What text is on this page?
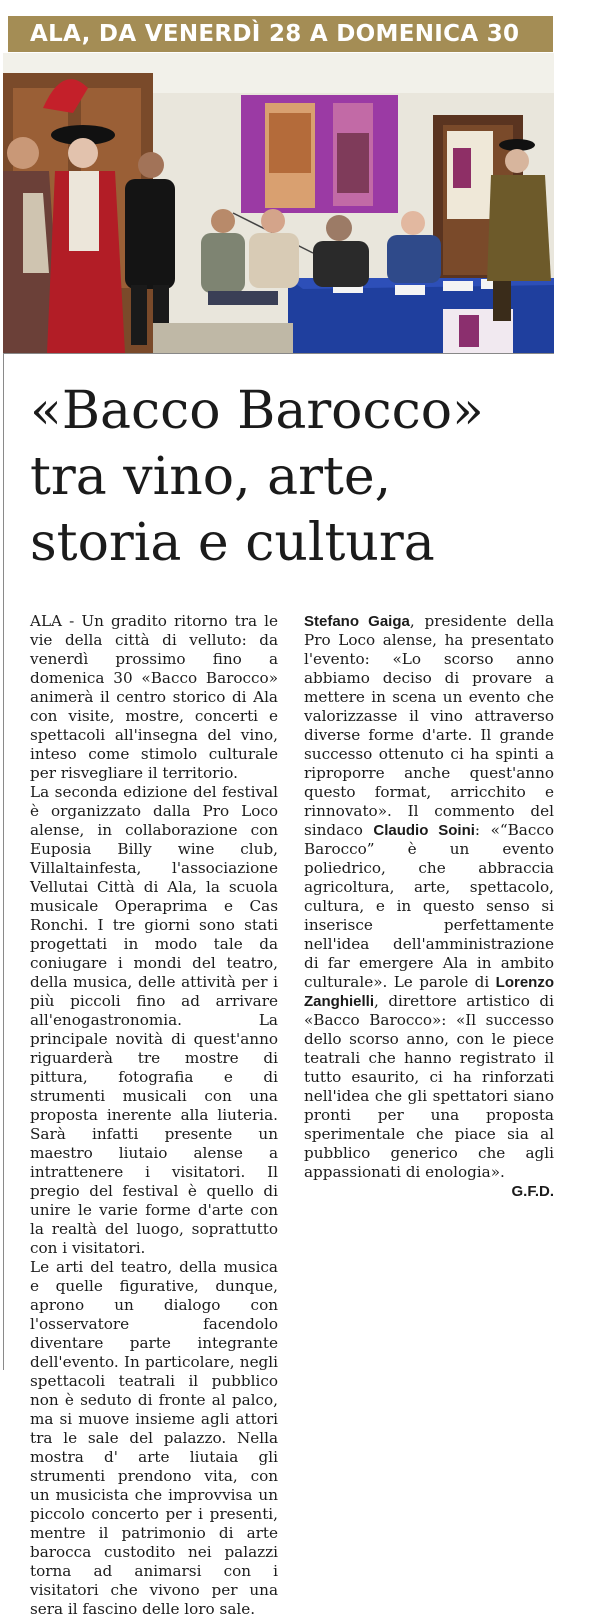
ALA, DA VENERDÌ 28 A DOMENICA 30
«Bacco Barocco»
tra vino, arte,
storia e cultura

ALA - Un gradito ritorno tra le vie della città di velluto: da venerdì prossimo fino a domenica 30 «Bacco Barocco» animerà il centro storico di Ala con visite, mostre, concerti e spettacoli all'insegna del vino, inteso come stimolo culturale per risvegliare il territorio.

La seconda edizione del festival è organizzato dalla Pro Loco alense, in collaborazione con Euposia Billy wine club, Villaltainfesta, l'associazione Vellutai Città di Ala, la scuola musicale Operaprima e Cas Ronchi. I tre giorni sono stati progettati in modo tale da coniugare i mondi del teatro, della musica, delle attività per i più piccoli fino ad arrivare all'enogastronomia. La principale novità di quest'anno riguarderà tre mostre di pittura, fotografia e di strumenti musicali con una proposta inerente alla liuteria. Sarà infatti presente un maestro liutaio alense a intrattenere i visitatori. Il pregio del festival è quello di unire le varie forme d'arte con la realtà del luogo, soprattutto con i visitatori.

Le arti del teatro, della musica e quelle figurative, dunque, aprono un dialogo con l'osservatore facendolo diventare parte integrante dell'evento. In particolare, negli spettacoli teatrali il pubblico non è seduto di fronte al palco, ma si muove insieme agli attori tra le sale del palazzo. Nella mostra d' arte liutaia gli strumenti prendono vita, con un musicista che improvvisa un piccolo concerto per i presenti, mentre il patrimonio di arte barocca custodito nei palazzi torna ad animarsi con i visitatori che vivono per una sera il fascino delle loro sale.

Stefano Gaiga, presidente della Pro Loco alense, ha presentato l'evento: «Lo scorso anno abbiamo deciso di provare a mettere in scena un evento che valorizzasse il vino attraverso diverse forme d'arte. Il grande successo ottenuto ci ha spinti a riproporre anche quest'anno questo format, arricchito e rinnovato». Il commento del sindaco Claudio Soini: «“Bacco Barocco” è un evento poliedrico, che abbraccia agricoltura, arte, spettacolo, cultura, e in questo senso si inserisce perfettamente nell'idea dell'amministrazione di far emergere Ala in ambito culturale». Le parole di Lorenzo Zanghielli, direttore artistico di «Bacco Barocco»: «Il successo dello scorso anno, con le piece teatrali che hanno registrato il tutto esaurito, ci ha rinforzati nell'idea che gli spettatori siano pronti per una proposta sperimentale che piace sia al pubblico generico che agli appassionati di enologia».

G.F.D.
